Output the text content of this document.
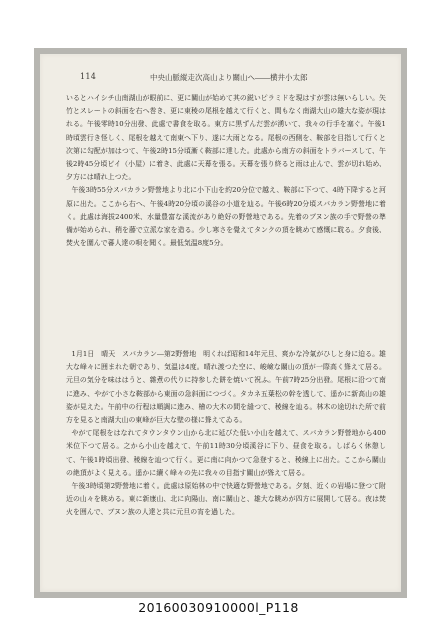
114	中央山脈縱走次高山より關山へ――横井小太郎

いるとハイシチ山南湖山が眼前に、更に關山が始めて其の鋭いピラミドを現はすが雲は無いらしい。矢竹とスレートの斜面を右へ巻き、更に東稜の尾根を越えて行くと、間もなく南湖大山の雄大な姿が現はれる。午後零時10分出發、此處で書食を取る。東方に黒ずんだ雲が湧いて、我々の行手を塞ぐ。午後1時頃雲行き怪しく、尾根を越えて南東へ下り、遂に大雨となる。尾根の西側を、鞍部を目指して行くと次第に勾配が加はつて、午後2時15分頃漸く鞍部に達した。此處から南方の斜面をトラバースして、午後2時45分頃ビイ（小屋）に着き、此處に天幕を張る。天幕を張り終ると雨は止んで、雲が切れ始め、夕方には晴れ上つた。

午後3時55分スバカラン野營地より北に小下山を約20分位で越え、鞍部に下つて、4時下降すると河原に出た。ここから右へ、午後4時20分頃の溪谷の小道を辿る。午後6時20分頃スバカラン野營地に着く。此處は海拔2400米、水量豊富な溪流があり絶好の野營地である。先着のブヌン族の手で野營の準備が始められ、稍を藤で立派な家を造る。少し寒さを覺えてタンクの頂を眺めて感慨に耽る。夕食後、焚火を圍んで蕃人達の唄を聞く。最低気温8度5分。

1月1日　晴天　スバカラン―第2野營地　明くれば昭和14年元旦、爽かな冷氣がひしと身に迫る。雄大な峰々に囲まれた朝であり、気温は4度。晴れ渡つた空に、峻嶮な關山の頂が一際高く聳えて居る。元旦の気分を味ははうと、雜煮の代りに持参した餅を焼いて祝ふ。午前7時25分出發。尾根に沿つて南に進み、やがて小さな鞍部から東面の急斜面につづく。タカネ五葉松の幹を透して、遥かに新高山の雄姿が見えた。午前中の行程は順調に進み、檜の大木の間を縫つて、稜線を辿る。林木の途切れた所で前方を見ると南湖大山の東峰が巨大な壁の様に聳えてゐる。

やがて尾根をはなれてタウンタウン山から北に延びた低い小山を越えて、スバカラン野營地から400米位下つて居る。之から小山を越えて、午前11時30分頃溪谷に下り、昼食を取る。しばらく休憩して、午後1時頃出發、稜線を辿つて行く。更に南に向かつて急登すると、稜線上に出た。ここから關山の絶頂がよく見える。遥かに續く峰々の先に我々の目指す關山が聳えて居る。

午後3時頃第2野營地に着く。此處は原始林の中で快適な野營地である。夕刻、近くの岩場に登つて附近の山々を眺める。東に新康山、北に向陽山、南に關山と、雄大な眺めが四方に展開して居る。夜は焚火を囲んで、ブヌン族の人達と共に元旦の宵を過した。

20160030910000l_P118
